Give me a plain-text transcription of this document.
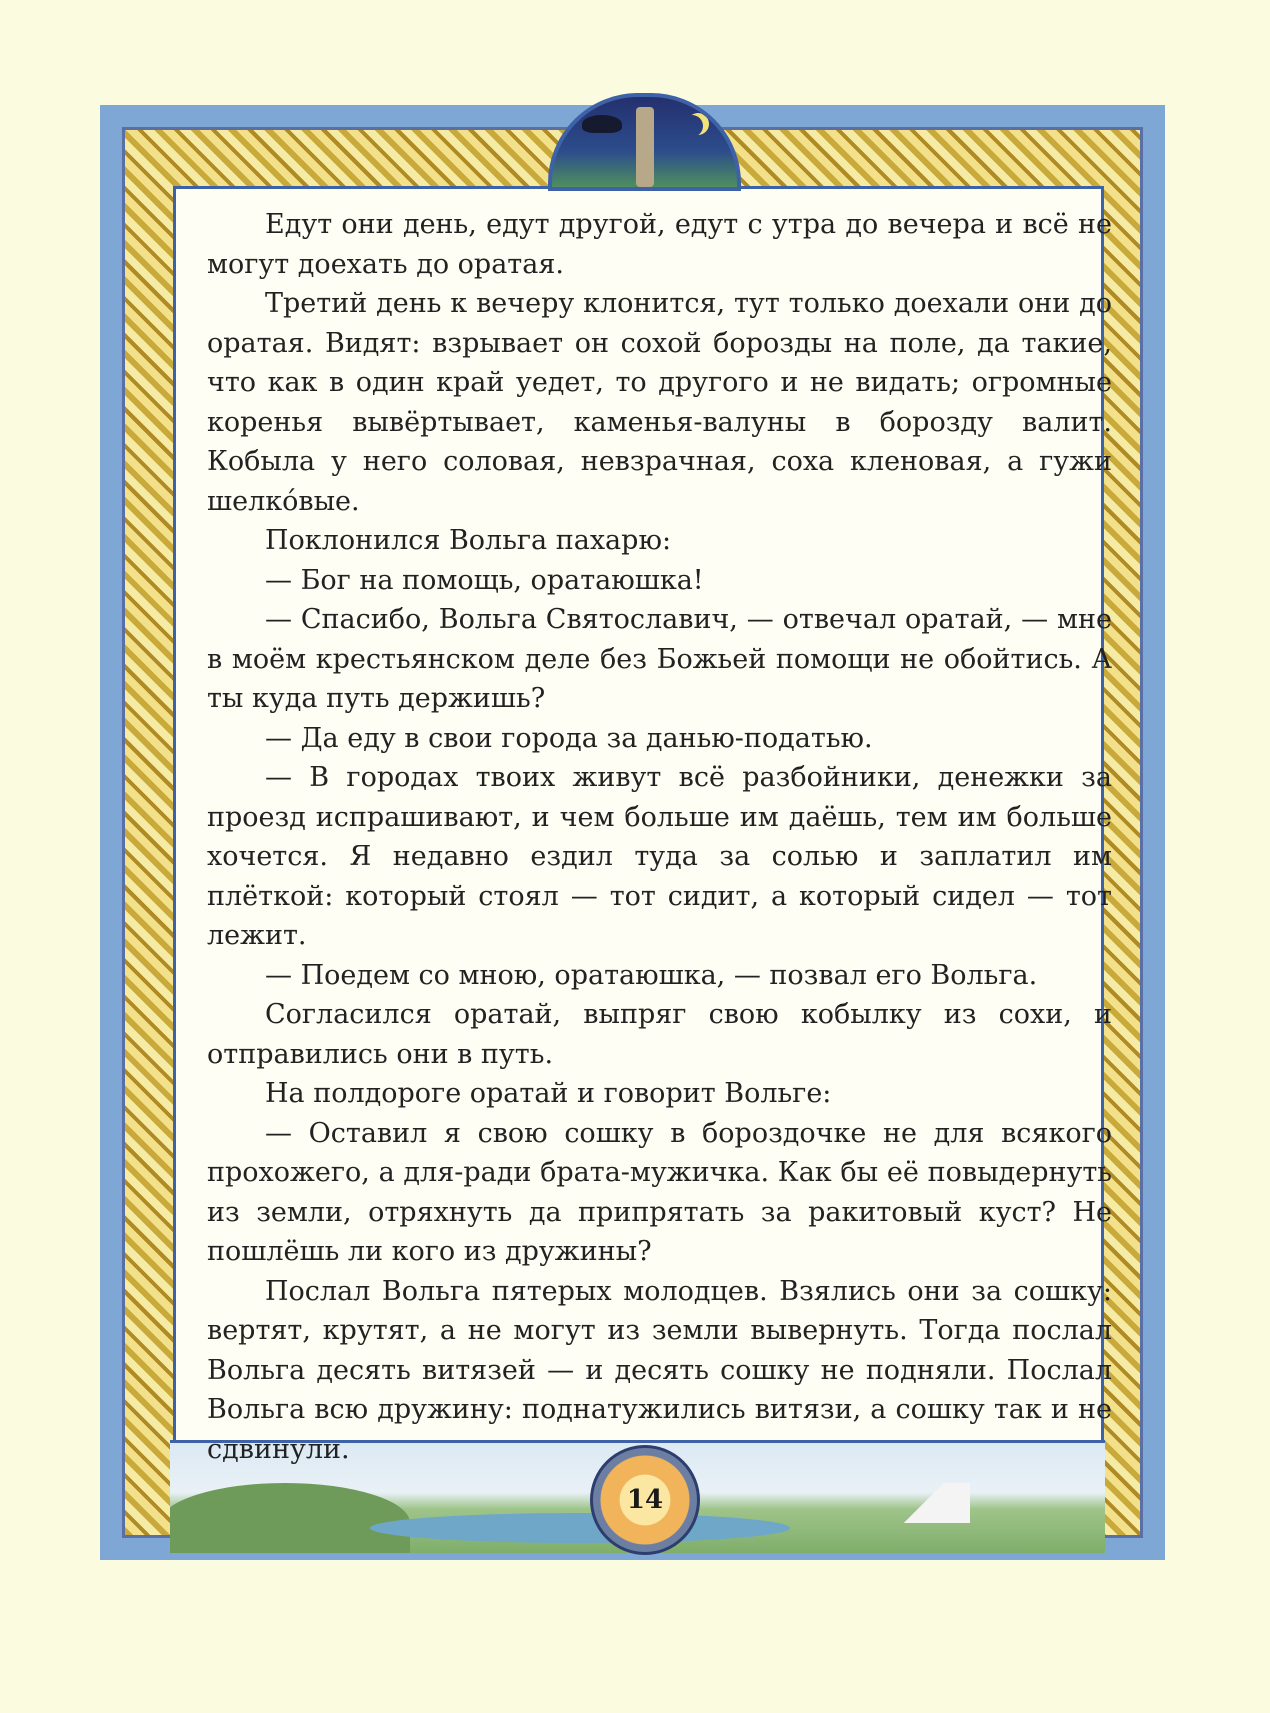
14

Едут они день, едут другой, едут с утра до вечера и всё не могут доехать до оратая.

Третий день к вечеру клонится, тут только доехали они до оратая. Видят: взрывает он сохой борозды на поле, да такие, что как в один край уедет, то другого и не видать; огромные коренья вывёртывает, каменья-валуны в борозду валит. Кобыла у него соловая, невзрачная, соха кленовая, а гужи шелкóвые.

Поклонился Вольга пахарю:

— Бог на помощь, оратаюшка!

— Спасибо, Вольга Святославич, — отвечал оратай, — мне в моём крестьянском деле без Божьей помощи не обойтись. А ты куда путь держишь?

— Да еду в свои города за данью-податью.

— В городах твоих живут всё разбойники, денежки за проезд испрашивают, и чем больше им даёшь, тем им больше хочется. Я недавно ездил туда за солью и заплатил им плёткой: который стоял — тот сидит, а который сидел — тот лежит.

— Поедем со мною, оратаюшка, — позвал его Вольга.

Согласился оратай, выпряг свою кобылку из сохи, и отправились они в путь.

На полдороге оратай и говорит Вольге:

— Оставил я свою сошку в бороздочке не для всякого прохожего, а для-ради брата-мужичка. Как бы её повыдернуть из земли, отряхнуть да припрятать за ракитовый куст? Не пошлёшь ли кого из дружины?

Послал Вольга пятерых молодцев. Взялись они за сошку: вертят, крутят, а не могут из земли вывернуть. Тогда послал Вольга десять витязей — и десять сошку не подняли. Послал Вольга всю дружину: поднатужились витязи, а сошку так и не сдвинули.
